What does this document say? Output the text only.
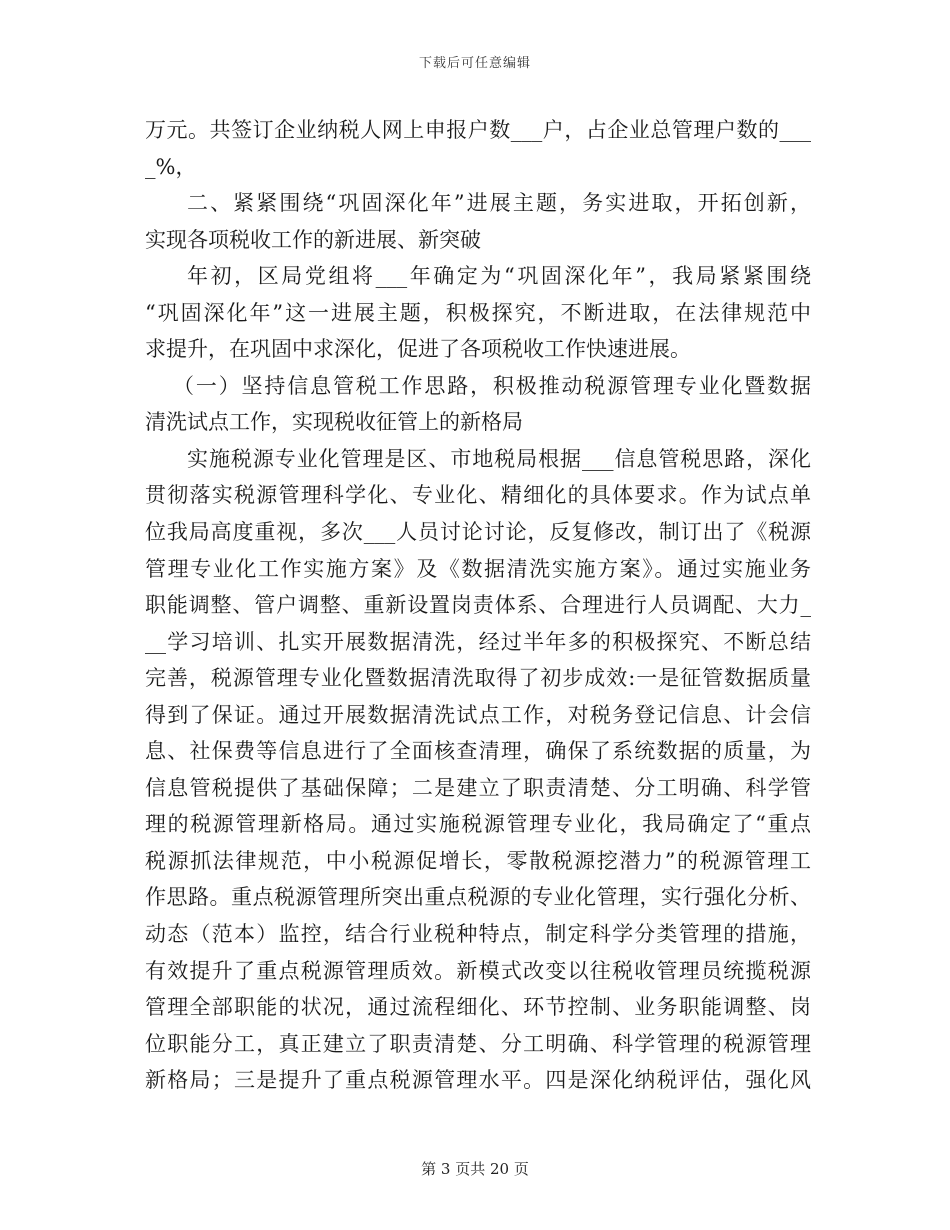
下载后可任意编辑
万元。共签订企业纳税人网上申报户数___户，占企业总管理户数的___
_%，
二、紧紧围绕“巩固深化年”进展主题，务实进取，开拓创新，
实现各项税收工作的新进展、新突破
年初，区局党组将___年确定为“巩固深化年”，我局紧紧围绕
“巩固深化年”这一进展主题，积极探究，不断进取，在法律规范中
求提升，在巩固中求深化，促进了各项税收工作快速进展。
（一）坚持信息管税工作思路，积极推动税源管理专业化暨数据
清洗试点工作，实现税收征管上的新格局
实施税源专业化管理是区、市地税局根据___信息管税思路，深化
贯彻落实税源管理科学化、专业化、精细化的具体要求。作为试点单
位我局高度重视，多次___人员讨论讨论，反复修改，制订出了《税源
管理专业化工作实施方案》及《数据清洗实施方案》。通过实施业务
职能调整、管户调整、重新设置岗责体系、合理进行人员调配、大力_
__学习培训、扎实开展数据清洗，经过半年多的积极探究、不断总结
完善，税源管理专业化暨数据清洗取得了初步成效:一是征管数据质量
得到了保证。通过开展数据清洗试点工作，对税务登记信息、计会信
息、社保费等信息进行了全面核查清理，确保了系统数据的质量，为
信息管税提供了基础保障；二是建立了职责清楚、分工明确、科学管
理的税源管理新格局。通过实施税源管理专业化，我局确定了“重点
税源抓法律规范，中小税源促增长，零散税源挖潜力”的税源管理工
作思路。重点税源管理所突出重点税源的专业化管理，实行强化分析、
动态（范本）监控，结合行业税种特点，制定科学分类管理的措施，
有效提升了重点税源管理质效。新模式改变以往税收管理员统揽税源
管理全部职能的状况，通过流程细化、环节控制、业务职能调整、岗
位职能分工，真正建立了职责清楚、分工明确、科学管理的税源管理
新格局；三是提升了重点税源管理水平。四是深化纳税评估，强化风
第 3 页共 20 页
